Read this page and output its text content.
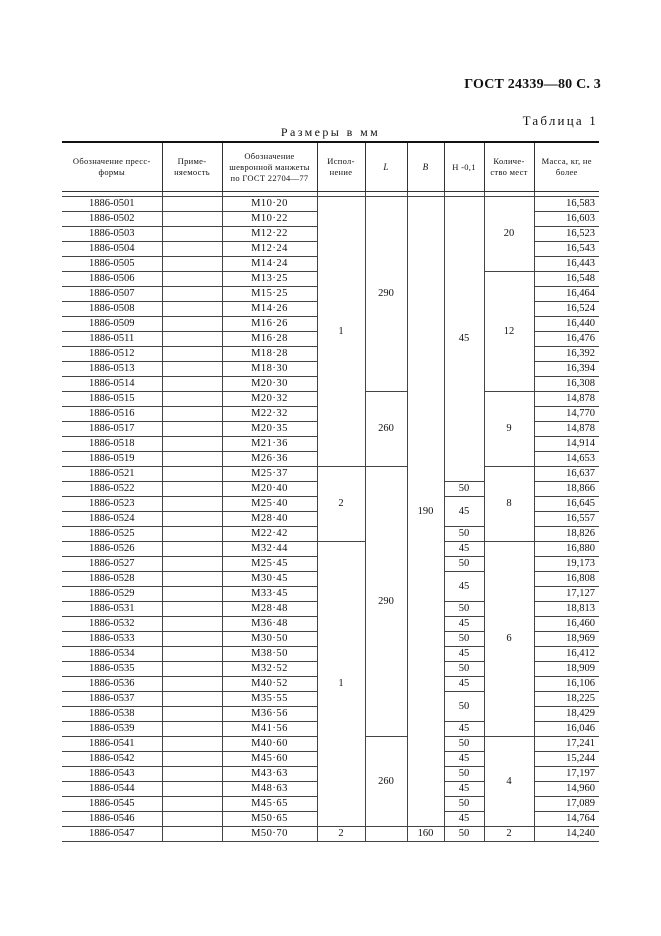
ГОСТ 24339—80 С. 3
Таблица 1
Размеры в мм
Обозначение пресс-формы	Приме- няемость	Обозначение шевронной манжеты по ГОСТ 22704—77	Испол- нение	L	B	H -0,1	Количе- ство мест	Масса, кг, не более

1886-0501		М10·20	1	290	190	45	20	16,583
1886-0502		М10·22						16,603
1886-0503		М12·22						16,523
1886-0504		М12·24						16,543
1886-0505		М14·24						16,443
1886-0506		М13·25					12	16,548
1886-0507		М15·25						16,464
1886-0508		М14·26						16,524
1886-0509		М16·26						16,440
1886-0511		М16·28						16,476
1886-0512		М18·28						16,392
1886-0513		М18·30						16,394
1886-0514		М20·30						16,308
1886-0515		М20·32		260			9	14,878
1886-0516		М22·32						14,770
1886-0517		М20·35						14,878
1886-0518		М21·36						14,914
1886-0519		М26·36						14,653
1886-0521		М25·37	2	290			8	16,637
1886-0522		М20·40				50		18,866
1886-0523		М25·40				45		16,645
1886-0524		М28·40						16,557
1886-0525		М22·42				50		18,826
1886-0526		М32·44	1			45	6	16,880
1886-0527		М25·45				50		19,173
1886-0528		М30·45				45		16,808
1886-0529		М33·45						17,127
1886-0531		М28·48				50		18,813
1886-0532		М36·48				45		16,460
1886-0533		М30·50				50		18,969
1886-0534		М38·50				45		16,412
1886-0535		М32·52				50		18,909
1886-0536		М40·52				45		16,106
1886-0537		М35·55				50		18,225
1886-0538		М36·56						18,429
1886-0539		М41·56				45		16,046
1886-0541		М40·60		260		50	4	17,241
1886-0542		М45·60				45		15,244
1886-0543		М43·63				50		17,197
1886-0544		М48·63				45		14,960
1886-0545		М45·65				50		17,089
1886-0546		М50·65				45		14,764
1886-0547		М50·70	2		160	50	2	14,240
